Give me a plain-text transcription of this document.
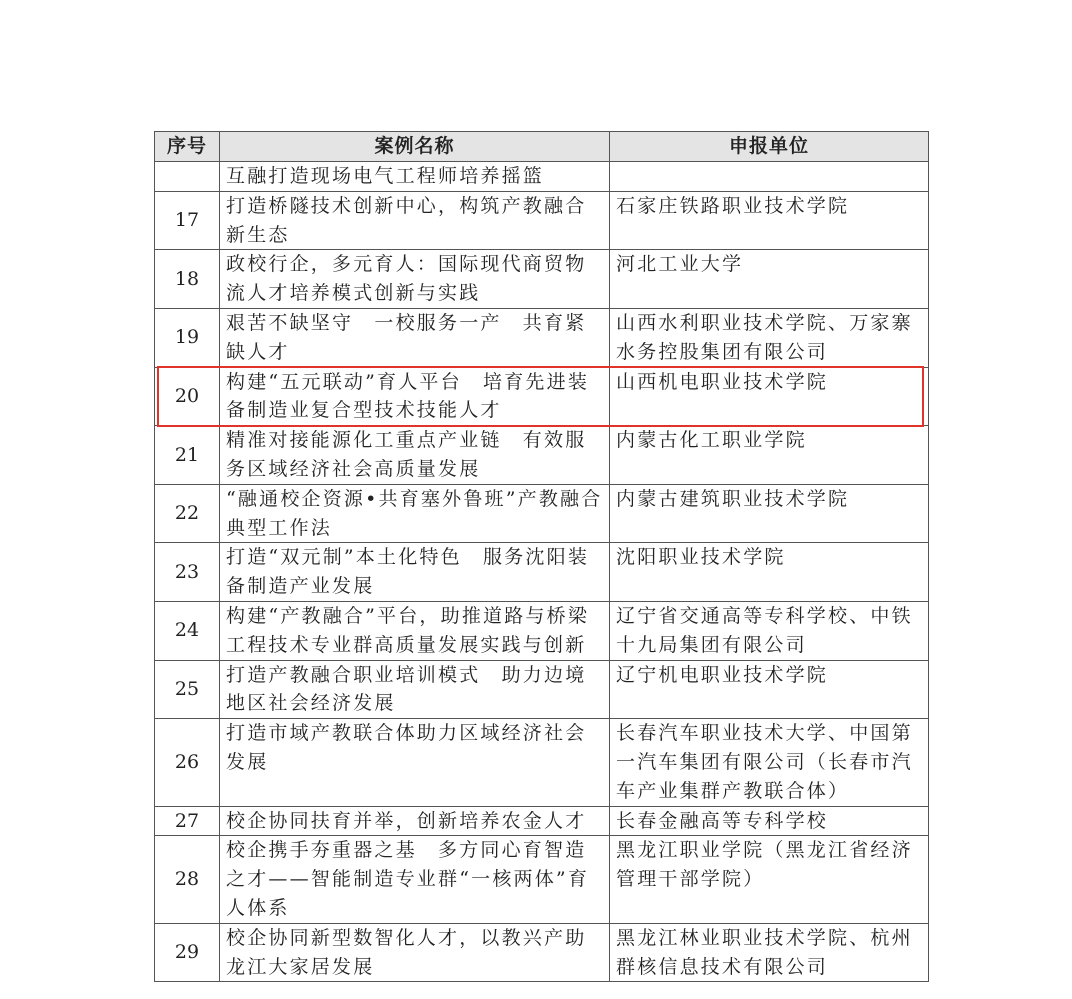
序号	案例名称	申报单位
	互融打造现场电气工程师培养摇篮	
17	打造桥隧技术创新中心，构筑产教融合新生态	石家庄铁路职业技术学院
18	政校行企，多元育人：国际现代商贸物流人才培养模式创新与实践	河北工业大学
19	艰苦不缺坚守　一校服务一产　共育紧缺人才	山西水利职业技术学院、万家寨水务控股集团有限公司
20	构建“五元联动”育人平台　培育先进装备制造业复合型技术技能人才	山西机电职业技术学院
21	精准对接能源化工重点产业链　有效服务区域经济社会高质量发展	内蒙古化工职业学院
22	“融通校企资源•共育塞外鲁班”产教融合典型工作法	内蒙古建筑职业技术学院
23	打造“双元制”本土化特色　服务沈阳装备制造产业发展	沈阳职业技术学院
24	构建“产教融合”平台，助推道路与桥梁工程技术专业群高质量发展实践与创新	辽宁省交通高等专科学校、中铁十九局集团有限公司
25	打造产教融合职业培训模式　助力边境地区社会经济发展	辽宁机电职业技术学院
26	打造市域产教联合体助力区域经济社会发展	长春汽车职业技术大学、中国第一汽车集团有限公司（长春市汽车产业集群产教联合体）
27	校企协同扶育并举，创新培养农金人才	长春金融高等专科学校
28	校企携手夯重器之基　多方同心育智造之才——智能制造专业群“一核两体”育人体系	黑龙江职业学院（黑龙江省经济管理干部学院）
29	校企协同新型数智化人才，以教兴产助龙江大家居发展	黑龙江林业职业技术学院、杭州群核信息技术有限公司
